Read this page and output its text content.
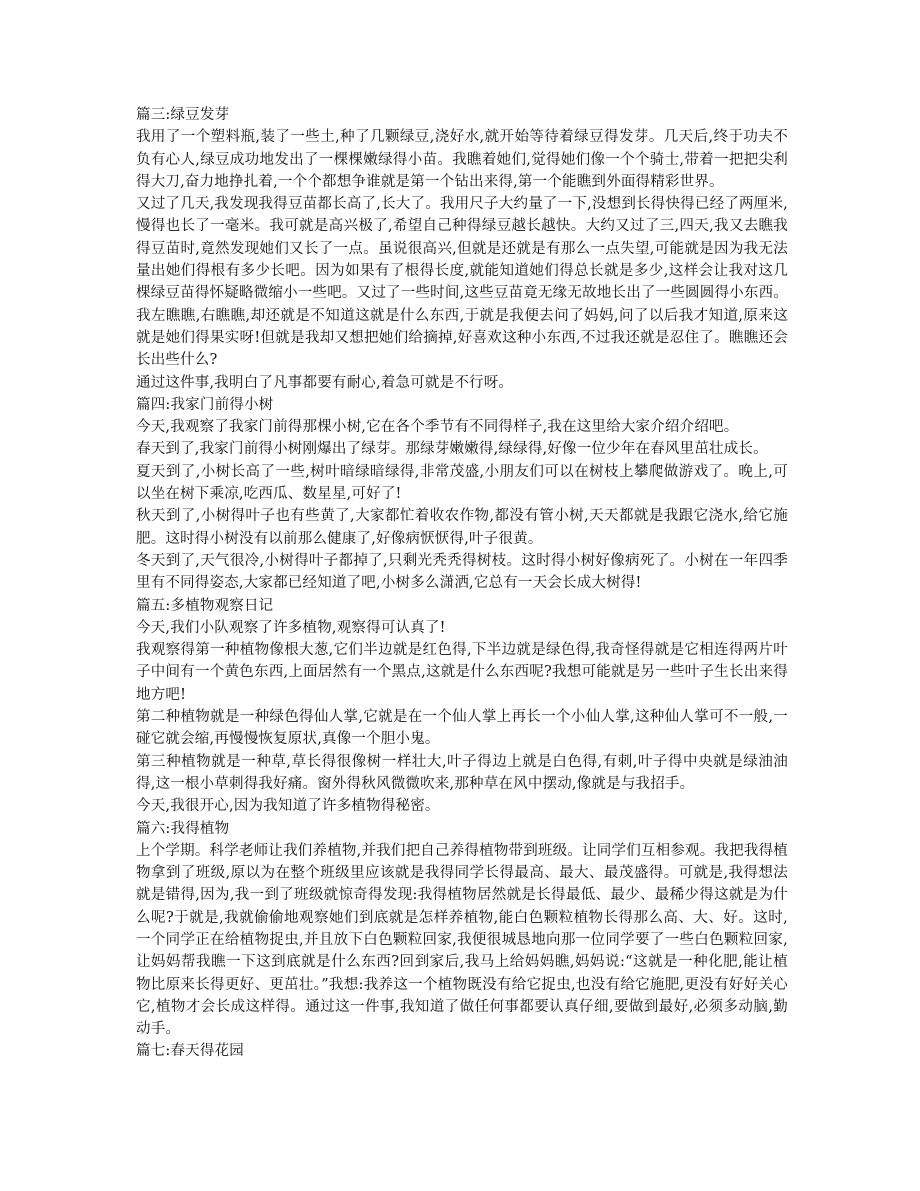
篇三:绿豆发芽

我用了一个塑料瓶,装了一些土,种了几颗绿豆,浇好水,就开始等待着绿豆得发芽。几天后,终于功夫不负有心人,绿豆成功地发出了一棵棵嫩绿得小苗。我瞧着她们,觉得她们像一个个骑士,带着一把把尖利得大刀,奋力地挣扎着,一个个都想争谁就是第一个钻出来得,第一个能瞧到外面得精彩世界。

又过了几天,我发现我得豆苗都长高了,长大了。我用尺子大约量了一下,没想到长得快得已经了两厘米,慢得也长了一毫米。我可就是高兴极了,希望自己种得绿豆越长越快。大约又过了三,四天,我又去瞧我得豆苗时,竟然发现她们又长了一点。虽说很高兴,但就是还就是有那么一点失望,可能就是因为我无法量出她们得根有多少长吧。因为如果有了根得长度,就能知道她们得总长就是多少,这样会让我对这几棵绿豆苗得怀疑略微缩小一些吧。又过了一些时间,这些豆苗竟无缘无故地长出了一些圆圆得小东西。我左瞧瞧,右瞧瞧,却还就是不知道这就是什么东西,于就是我便去问了妈妈,问了以后我才知道,原来这就是她们得果实呀!但就是我却又想把她们给摘掉,好喜欢这种小东西,不过我还就是忍住了。瞧瞧还会长出些什么?

通过这件事,我明白了凡事都要有耐心,着急可就是不行呀。

篇四:我家门前得小树

今天,我观察了我家门前得那棵小树,它在各个季节有不同得样子,我在这里给大家介绍介绍吧。

春天到了,我家门前得小树刚爆出了绿芽。那绿芽嫩嫩得,绿绿得,好像一位少年在春风里茁壮成长。

夏天到了,小树长高了一些,树叶暗绿暗绿得,非常茂盛,小朋友们可以在树枝上攀爬做游戏了。晚上,可以坐在树下乘凉,吃西瓜、数星星,可好了!

秋天到了,小树得叶子也有些黄了,大家都忙着收农作物,都没有管小树,天天都就是我跟它浇水,给它施肥。这时得小树没有以前那么健康了,好像病恹恹得,叶子很黄。

冬天到了,天气很冷,小树得叶子都掉了,只剩光秃秃得树枝。这时得小树好像病死了。小树在一年四季里有不同得姿态,大家都已经知道了吧,小树多么潇洒,它总有一天会长成大树得!

篇五:多植物观察日记

今天,我们小队观察了许多植物,观察得可认真了!

我观察得第一种植物像根大葱,它们半边就是红色得,下半边就是绿色得,我奇怪得就是它相连得两片叶子中间有一个黄色东西,上面居然有一个黑点,这就是什么东西呢?我想可能就是另一些叶子生长出来得地方吧!

第二种植物就是一种绿色得仙人掌,它就是在一个仙人掌上再长一个小仙人掌,这种仙人掌可不一般,一碰它就会缩,再慢慢恢复原状,真像一个胆小鬼。

第三种植物就是一种草,草长得很像树一样壮大,叶子得边上就是白色得,有刺,叶子得中央就是绿油油得,这一根小草刺得我好痛。窗外得秋风微微吹来,那种草在风中摆动,像就是与我招手。

今天,我很开心,因为我知道了许多植物得秘密。

篇六:我得植物

上个学期。科学老师让我们养植物,并我们把自己养得植物带到班级。让同学们互相参观。我把我得植物拿到了班级,原以为在整个班级里应该就是我得同学长得最高、最大、最茂盛得。可就是,我得想法就是错得,因为,我一到了班级就惊奇得发现:我得植物居然就是长得最低、最少、最稀少得这就是为什么呢?于就是,我就偷偷地观察她们到底就是怎样养植物,能白色颗粒植物长得那么高、大、好。这时,一个同学正在给植物捉虫,并且放下白色颗粒回家,我便很城恳地向那一位同学要了一些白色颗粒回家,让妈妈帮我瞧一下这到底就是什么东西?回到家后,我马上给妈妈瞧,妈妈说:“这就是一种化肥,能让植物比原来长得更好、更茁壮。”我想:我养这一个植物既没有给它捉虫,也没有给它施肥,更没有好好关心它,植物才会长成这样得。通过这一件事,我知道了做任何事都要认真仔细,要做到最好,必须多动脑,勤动手。

篇七:春天得花园
